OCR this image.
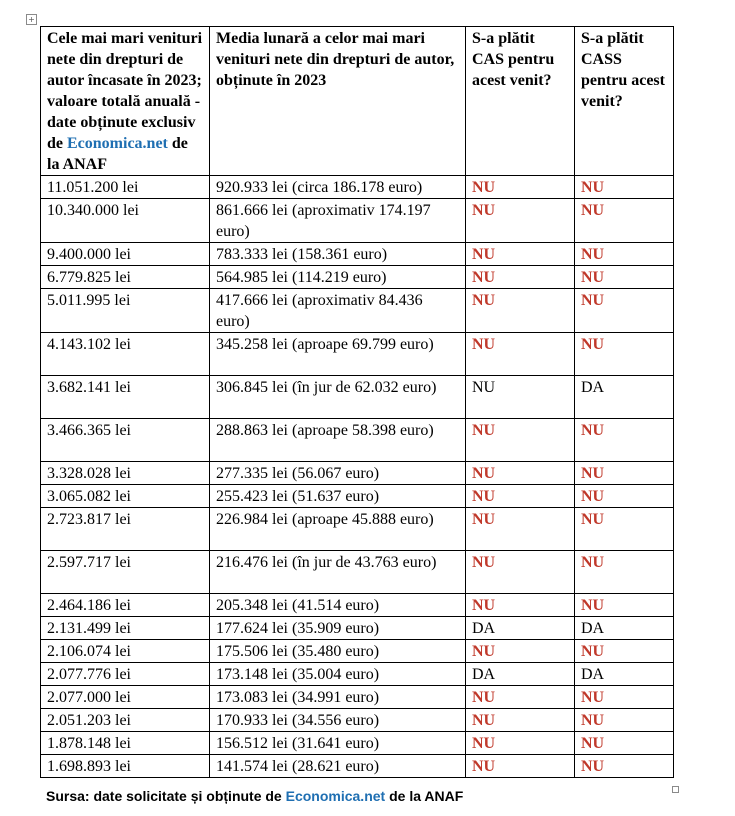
+
Cele mai mari venituri nete din drepturi de autor încasate în 2023; valoare totală anuală - date obținute exclusiv de Economica.net de la ANAF	Media lunară a celor mai mari venituri nete din drepturi de autor, obținute în 2023	S-a plătit CAS pentru acest venit?	S-a plătit CASS pentru acest venit?
11.051.200 lei	920.933 lei (circa 186.178 euro)	NU	NU
10.340.000 lei	861.666 lei (aproximativ 174.197 euro)	NU	NU
9.400.000 lei	783.333 lei (158.361 euro)	NU	NU
6.779.825 lei	564.985 lei (114.219 euro)	NU	NU
5.011.995 lei	417.666 lei (aproximativ 84.436 euro)	NU	NU
4.143.102 lei	345.258 lei (aproape 69.799 euro)	NU	NU
3.682.141 lei	306.845 lei (în jur de 62.032 euro)	NU	DA
3.466.365 lei	288.863 lei (aproape 58.398 euro)	NU	NU
3.328.028 lei	277.335 lei (56.067 euro)	NU	NU
3.065.082 lei	255.423 lei (51.637 euro)	NU	NU
2.723.817 lei	226.984 lei (aproape 45.888 euro)	NU	NU
2.597.717 lei	216.476 lei (în jur de 43.763 euro)	NU	NU
2.464.186 lei	205.348 lei (41.514 euro)	NU	NU
2.131.499 lei	177.624 lei (35.909 euro)	DA	DA
2.106.074 lei	175.506 lei (35.480 euro)	NU	NU
2.077.776 lei	173.148 lei (35.004 euro)	DA	DA
2.077.000 lei	173.083 lei (34.991 euro)	NU	NU
2.051.203 lei	170.933 lei (34.556 euro)	NU	NU
1.878.148 lei	156.512 lei (31.641 euro)	NU	NU
1.698.893 lei	141.574 lei (28.621 euro)	NU	NU
Sursa: date solicitate și obținute de Economica.net de la ANAF
